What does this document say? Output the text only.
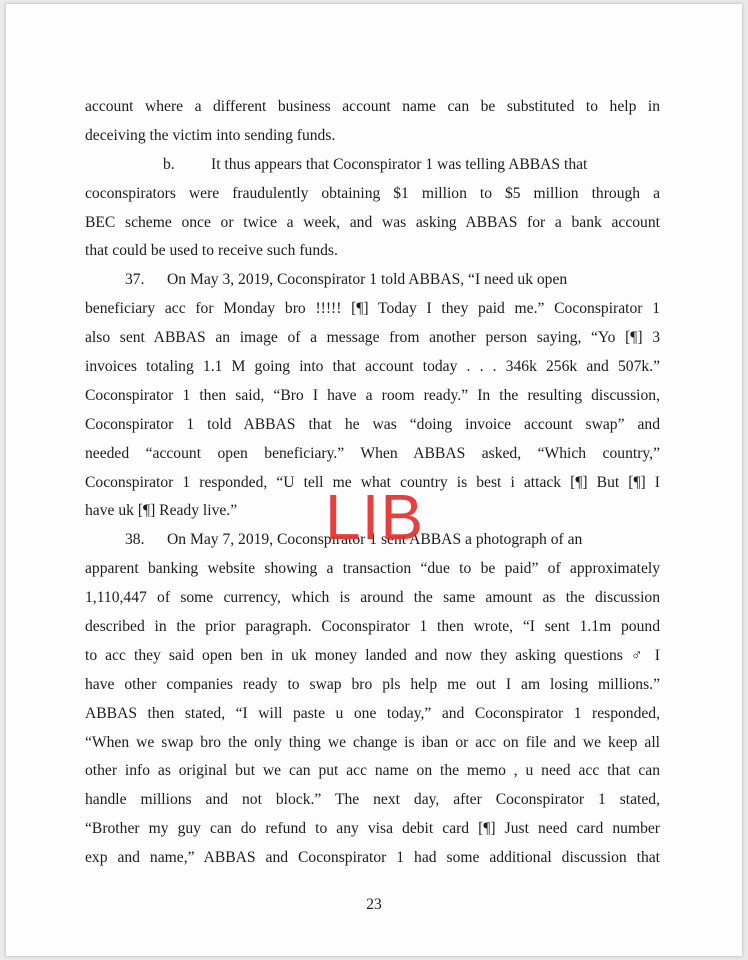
account where a different business account name can be substituted to help in
deceiving the victim into sending funds.
b. It thus appears that Coconspirator 1 was telling ABBAS that
coconspirators were fraudulently obtaining $1 million to $5 million through a
BEC scheme once or twice a week, and was asking ABBAS for a bank account
that could be used to receive such funds.
37. On May 3, 2019, Coconspirator 1 told ABBAS, “I need uk open
beneficiary acc for Monday bro !!!!! [¶] Today I they paid me.” Coconspirator 1
also sent ABBAS an image of a message from another person saying, “Yo [¶] 3
invoices totaling 1.1 M going into that account today . . . 346k 256k and 507k.”
Coconspirator 1 then said, “Bro I have a room ready.” In the resulting discussion,
Coconspirator 1 told ABBAS that he was “doing invoice account swap” and
needed “account open beneficiary.” When ABBAS asked, “Which country,”
Coconspirator 1 responded, “U tell me what country is best i attack [¶] But [¶] I
have uk [¶] Ready live.”
38. On May 7, 2019, Coconspirator 1 sent ABBAS a photograph of an
apparent banking website showing a transaction “due to be paid” of approximately
1,110,447 of some currency, which is around the same amount as the discussion
described in the prior paragraph. Coconspirator 1 then wrote, “I sent 1.1m pound
to acc they said open ben in uk money landed and now they asking questions ♂ I
have other companies ready to swap bro pls help me out I am losing millions.”
ABBAS then stated, “I will paste u one today,” and Coconspirator 1 responded,
“When we swap bro the only thing we change is iban or acc on file and we keep all
other info as original but we can put acc name on the memo , u need acc that can
handle millions and not block.” The next day, after Coconspirator 1 stated,
“Brother my guy can do refund to any visa debit card [¶] Just need card number
exp and name,” ABBAS and Coconspirator 1 had some additional discussion that
LIB
23
